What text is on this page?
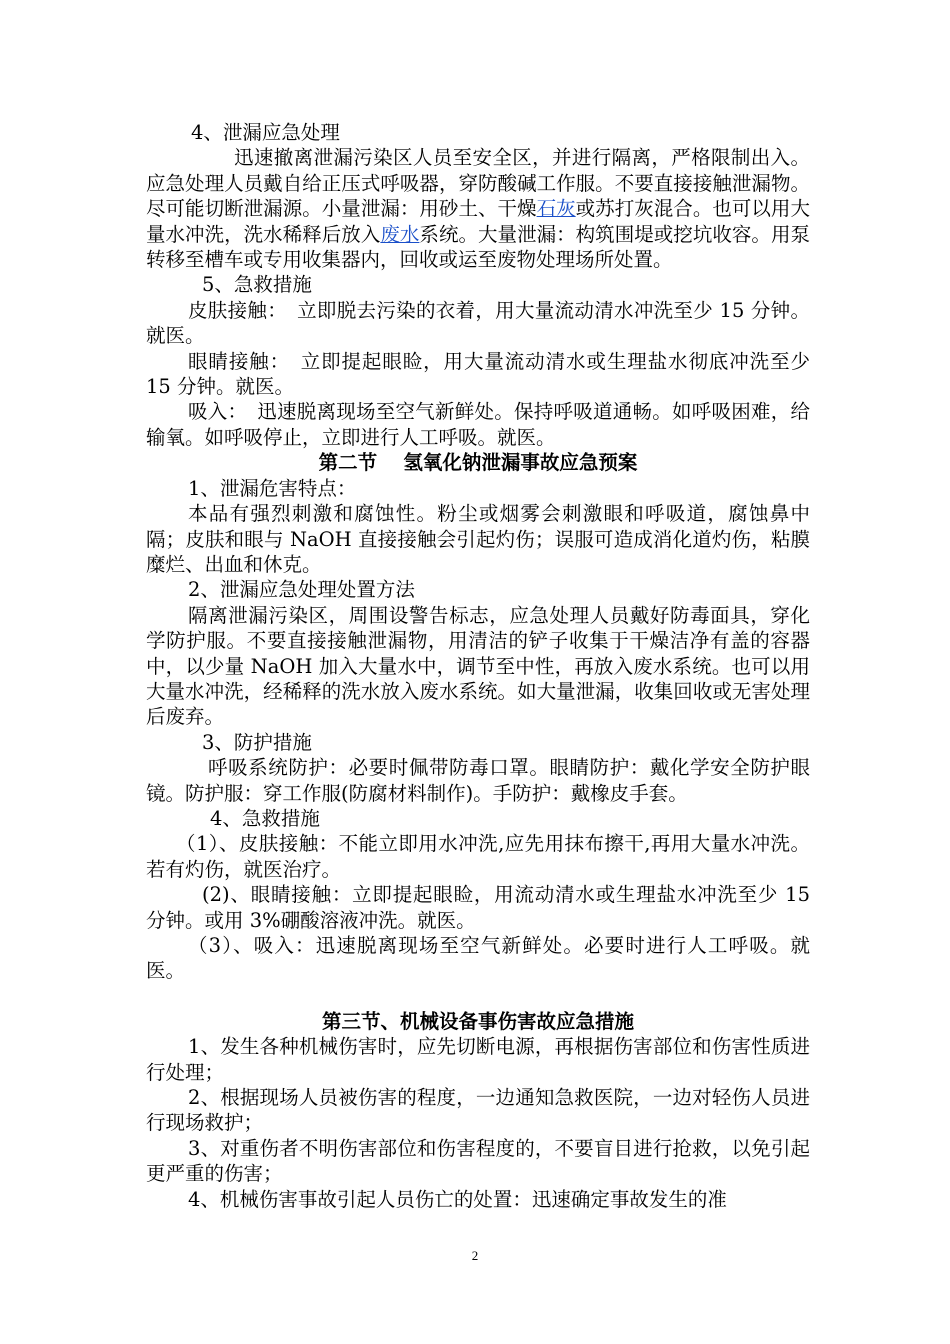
4、泄漏应急处理

迅速撤离泄漏污染区人员至安全区，并进行隔离，严格限制出入。应急处理人员戴自给正压式呼吸器，穿防酸碱工作服。不要直接接触泄漏物。尽可能切断泄漏源。小量泄漏：用砂土、干燥石灰或苏打灰混合。也可以用大量水冲洗，洗水稀释后放入废水系统。大量泄漏：构筑围堤或挖坑收容。用泵转移至槽车或专用收集器内，回收或运至废物处理场所处置。

5、急救措施

皮肤接触：　立即脱去污染的衣着，用大量流动清水冲洗至少 15 分钟。就医。

眼睛接触：　立即提起眼睑，用大量流动清水或生理盐水彻底冲洗至少 15 分钟。就医。

吸入：　迅速脱离现场至空气新鲜处。保持呼吸道通畅。如呼吸困难，给输氧。如呼吸停止，立即进行人工呼吸。就医。

第二节　 氢氧化钠泄漏事故应急预案

1、泄漏危害特点：

本品有强烈刺激和腐蚀性。粉尘或烟雾会刺激眼和呼吸道，腐蚀鼻中隔；皮肤和眼与 NaOH 直接接触会引起灼伤；误服可造成消化道灼伤，粘膜糜烂、出血和休克。

2、泄漏应急处理处置方法

隔离泄漏污染区，周围设警告标志，应急处理人员戴好防毒面具，穿化学防护服。不要直接接触泄漏物，用清洁的铲子收集于干燥洁净有盖的容器中，以少量 NaOH 加入大量水中，调节至中性，再放入废水系统。也可以用大量水冲洗，经稀释的洗水放入废水系统。如大量泄漏，收集回收或无害处理后废弃。

3、防护措施

呼吸系统防护：必要时佩带防毒口罩。眼睛防护：戴化学安全防护眼镜。防护服：穿工作服(防腐材料制作)。手防护：戴橡皮手套。

4、急救措施

（1）、皮肤接触：不能立即用水冲洗,应先用抹布擦干,再用大量水冲洗。若有灼伤，就医治疗。

(2)、眼睛接触：立即提起眼睑，用流动清水或生理盐水冲洗至少 15 分钟。或用 3%硼酸溶液冲洗。就医。

（3）、吸入：迅速脱离现场至空气新鲜处。必要时进行人工呼吸。就医。

第三节、机械设备事伤害故应急措施

1、发生各种机械伤害时，应先切断电源，再根据伤害部位和伤害性质进行处理；

2、根据现场人员被伤害的程度，一边通知急救医院，一边对轻伤人员进行现场救护；

3、对重伤者不明伤害部位和伤害程度的，不要盲目进行抢救，以免引起更严重的伤害；

4、机械伤害事故引起人员伤亡的处置：迅速确定事故发生的准

2
